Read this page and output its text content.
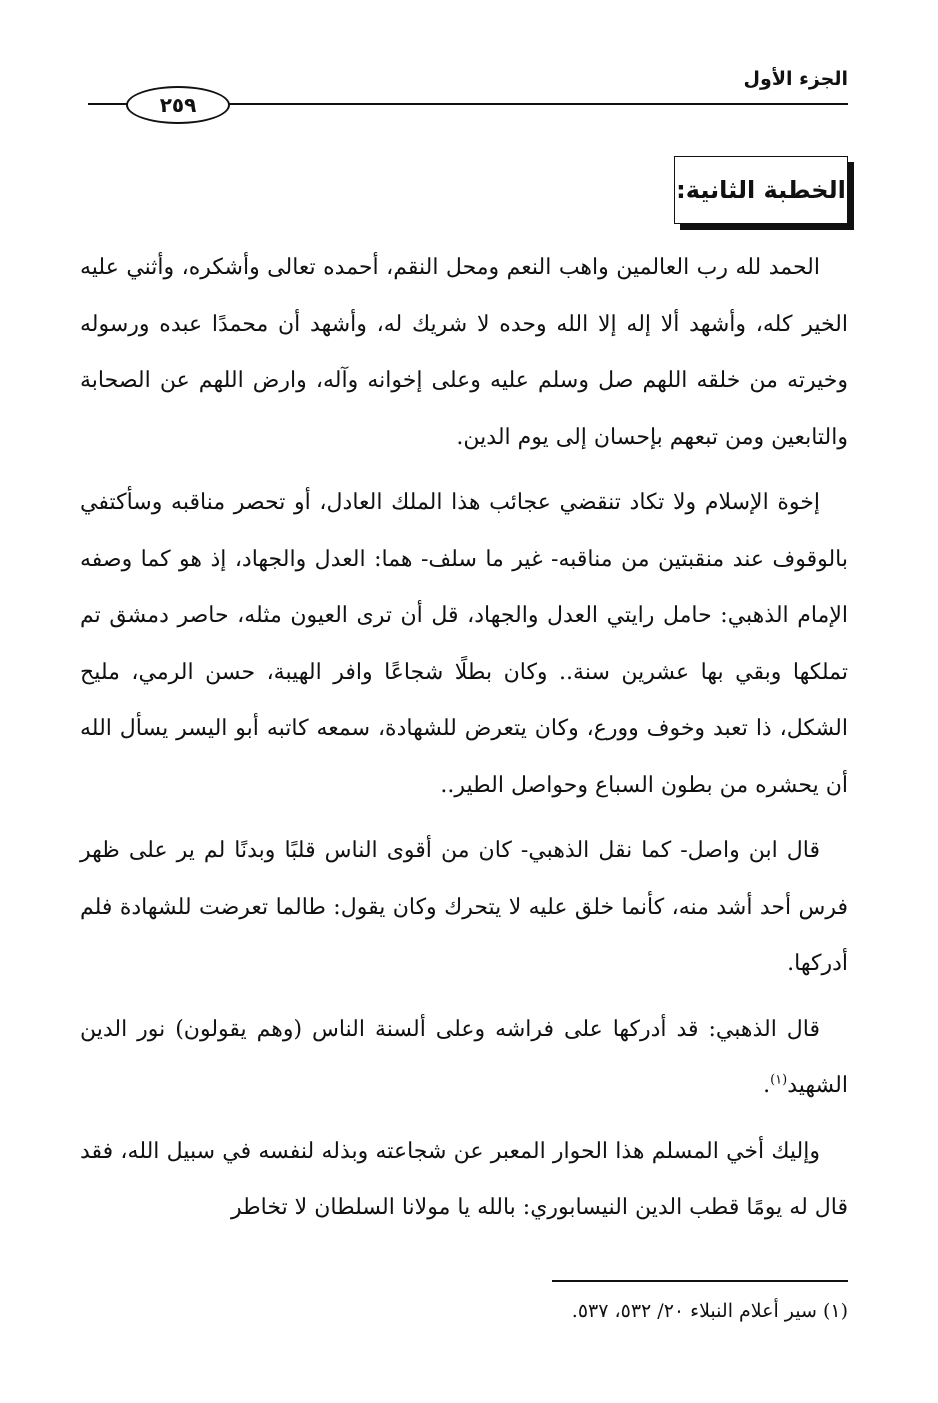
الجزء الأول
٢٥٩
الخطبة الثانية:

الحمد لله رب العالمين واهب النعم ومحل النقم، أحمده تعالى وأشكره، وأثني عليه الخير كله، وأشهد ألا إله إلا الله وحده لا شريك له، وأشهد أن محمدًا عبده ورسوله وخيرته من خلقه اللهم صل وسلم عليه وعلى إخوانه وآله، وارض اللهم عن الصحابة والتابعين ومن تبعهم بإحسان إلى يوم الدين.

إخوة الإسلام ولا تكاد تنقضي عجائب هذا الملك العادل، أو تحصر مناقبه وسأكتفي بالوقوف عند منقبتين من مناقبه- غير ما سلف- هما: العدل والجهاد، إذ هو كما وصفه الإمام الذهبي: حامل رايتي العدل والجهاد، قل أن ترى العيون مثله، حاصر دمشق تم تملكها وبقي بها عشرين سنة.. وكان بطلًا شجاعًا وافر الهيبة، حسن الرمي، مليح الشكل، ذا تعبد وخوف وورع، وكان يتعرض للشهادة، سمعه كاتبه أبو اليسر يسأل الله أن يحشره من بطون السباع وحواصل الطير..

قال ابن واصل- كما نقل الذهبي- كان من أقوى الناس قلبًا وبدنًا لم ير على ظهر فرس أحد أشد منه، كأنما خلق عليه لا يتحرك وكان يقول: طالما تعرضت للشهادة فلم أدركها.

قال الذهبي: قد أدركها على فراشه وعلى ألسنة الناس (وهم يقولون) نور الدين الشهيد$^{(١)}$.

وإليك أخي المسلم هذا الحوار المعبر عن شجاعته وبذله لنفسه في سبيل الله، فقد قال له يومًا قطب الدين النيسابوري: بالله يا مولانا السلطان لا تخاطر

(١) سير أعلام النبلاء ٢٠/ ٥٣٢، ٥٣٧.
